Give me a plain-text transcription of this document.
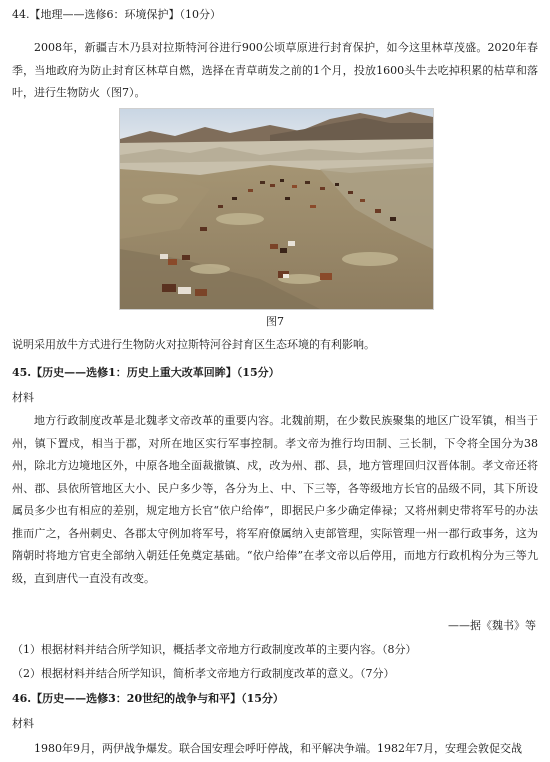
44.【地理——选修6：环境保护】（10分）
2008年，新疆吉木乃县对拉斯特河谷进行900公顷草原进行封育保护，如今这里林草茂盛。2020年春季，当地政府为防止封育区林草自燃，选择在青草萌发之前的1个月，投放1600头牛去吃掉积累的枯草和落叶，进行生物防火（图7）。
图7
说明采用放牛方式进行生物防火对拉斯特河谷封育区生态环境的有利影响。
45.【历史——选修1：历史上重大改革回眸】（15分）
材料
地方行政制度改革是北魏孝文帝改革的重要内容。北魏前期，在少数民族聚集的地区广设军镇，相当于州，镇下置戍，相当于郡，对所在地区实行军事控制。孝文帝为推行均田制、三长制，下令将全国分为38州，除北方边境地区外，中原各地全面裁撤镇、戍，改为州、郡、县，地方管理回归汉晋体制。孝文帝还将州、郡、县依所管地区大小、民户多少等，各分为上、中、下三等，各等级地方长官的品级不同，其下所设属员多少也有相应的差别，规定地方长官“依户给俸”，即据民户多少确定俸禄；又将州刺史带将军号的办法推而广之，各州刺史、各郡太守例加将军号，将军府僚属纳入吏部管理，实际管理一州一郡行政事务，这为隋朝时将地方官吏全部纳入朝廷任免奠定基础。“依户给俸”在孝文帝以后停用，而地方行政机构分为三等九级，直到唐代一直没有改变。
——据《魏书》等
（1）根据材料并结合所学知识，概括孝文帝地方行政制度改革的主要内容。（8分）
（2）根据材料并结合所学知识，简析孝文帝地方行政制度改革的意义。（7分）
46.【历史——选修3：20世纪的战争与和平】（15分）
材料
1980年9月，两伊战争爆发。联合国安理会呼吁停战，和平解决争端。1982年7月，安理会敦促交战
